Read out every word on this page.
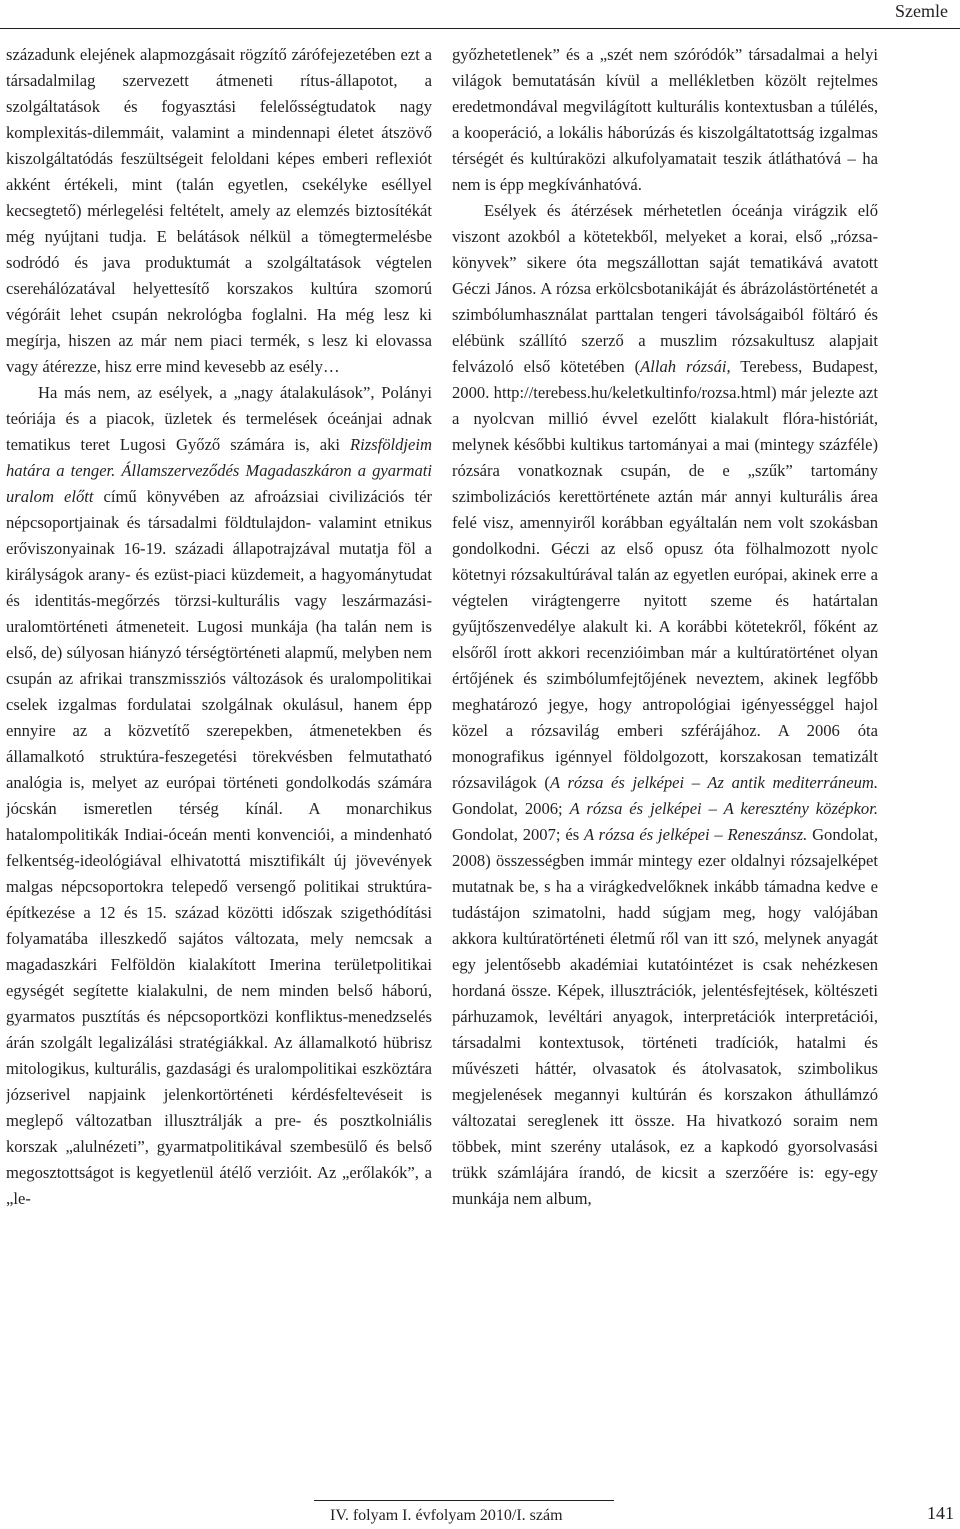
Szemle

századunk elejének alapmozgásait rögzítő zárófejezetében ezt a társadalmilag szervezett átmeneti rítus-állapotot, a szolgáltatások és fogyasztási felelősségtudatok nagy komplexitás-dilemmáit, valamint a mindennapi életet átszövő kiszolgáltatódás feszültségeit feloldani képes emberi reflexiót akként értékeli, mint (talán egyetlen, csekélyke eséllyel kecsegtető) mérlegelési feltételt, amely az elemzés biztosítékát még nyújtani tudja. E belátások nélkül a tömegtermelésbe sodródó és java produktumát a szolgáltatások végtelen cserehálózatával helyettesítő korszakos kultúra szomorú végóráit lehet csupán nekrológba foglalni. Ha még lesz ki megírja, hiszen az már nem piaci termék, s lesz ki elovassa vagy átérezze, hisz erre mind kevesebb az esély…

Ha más nem, az esélyek, a „nagy átalakulások”, Polányi teóriája és a piacok, üzletek és termelések óceánjai adnak tematikus teret Lugosi Győző számára is, aki Rizsföldjeim határa a tenger. Államszerveződés Magadaszkáron a gyarmati uralom előtt című könyvében az afroázsiai civilizációs tér népcsoportjainak és társadalmi földtulajdon- valamint etnikus erőviszonyainak 16-19. századi állapotrajzával mutatja föl a királyságok arany- és ezüst-piaci küzdemeit, a hagyománytudat és identitás-megőrzés törzsi-kulturális vagy leszármazási-uralomtörténeti átmeneteit. Lugosi munkája (ha talán nem is első, de) súlyosan hiányzó térségtörténeti alapmű, melyben nem csupán az afrikai transzmissziós változások és uralompolitikai cselek izgalmas fordulatai szolgálnak okulásul, hanem épp ennyire az a közvetítő szerepekben, átmenetekben és államalkotó struktúra-feszegetési törekvésben felmutatható analógia is, melyet az európai történeti gondolkodás számára jócskán ismeretlen térség kínál. A monarchikus hatalompolitikák Indiai-óceán menti konvenciói, a mindenható felkentség-ideológiával elhivatottá misztifikált új jövevények malgas népcsoportokra telepedő versengő politikai struktúra-építkezése a 12 és 15. század közötti időszak szigethódítási folyamatába illeszkedő sajátos változata, mely nemcsak a magadaszkári Felföldön kialakított Imerina területpolitikai egységét segítette kialakulni, de nem minden belső háború, gyarmatos pusztítás és népcsoportközi konfliktus-menedzselés árán szolgált legalizálási stratégiákkal. Az államalkotó hübrisz mitologikus, kulturális, gazdasági és uralompolitikai eszköztára józserivel napjaink jelenkortörténeti kérdésfeltevéseit is meglepő változatban illusztrálják a pre- és posztkolniális korszak „alulnézeti”, gyarmatpolitikával szembesülő és belső megosztottságot is kegyetlenül átélő verzióit. Az „erőlakók”, a „le-

győzhetetlenek” és a „szét nem szóródók” társadalmai a helyi világok bemutatásán kívül a mellékletben közölt rejtelmes eredetmondával megvilágított kulturális kontextusban a túlélés, a kooperáció, a lokális háborúzás és kiszolgáltatottság izgalmas térségét és kultúraközi alkufolyamatait teszik átláthatóvá – ha nem is épp megkívánhatóvá.

Esélyek és átérzések mérhetetlen óceánja virágzik elő viszont azokból a kötetekből, melyeket a korai, első „rózsa-könyvek” sikere óta megszállottan saját tematikává avatott Géczi János. A rózsa erkölcsbotanikáját és ábrázolástörténetét a szimbólumhasználat parttalan tengeri távolságaiból föltáró és elébünk szállító szerző a muszlim rózsakultusz alapjait felvázoló első kötetében (Allah rózsái, Terebess, Budapest, 2000. http://terebess.hu/keletkultinfo/rozsa.html) már jelezte azt a nyolcvan millió évvel ezelőtt kialakult flóra-históriát, melynek későbbi kultikus tartományai a mai (mintegy százféle) rózsára vonatkoznak csupán, de e „szűk” tartomány szimbolizációs kerettörténete aztán már annyi kulturális área felé visz, amennyiről korábban egyáltalán nem volt szokásban gondolkodni. Géczi az első opusz óta fölhalmozott nyolc kötetnyi rózsakultúrával talán az egyetlen európai, akinek erre a végtelen virágtengerre nyitott szeme és határtalan gyűjtőszenvedélye alakult ki. A korábbi kötetekről, főként az elsőről írott akkori recenzióimban már a kultúratörténet olyan értőjének és szimbólumfejtőjének neveztem, akinek legfőbb meghatározó jegye, hogy antropológiai igényességgel hajol közel a rózsavilág emberi szférájához. A 2006 óta monografikus igénnyel földolgozott, korszakosan tematizált rózsavilágok (A rózsa és jelképei – Az antik mediterráneum. Gondolat, 2006; A rózsa és jelképei – A keresztény középkor. Gondolat, 2007; és A rózsa és jelképei – Reneszánsz. Gondolat, 2008) összességben immár mintegy ezer oldalnyi rózsajelképet mutatnak be, s ha a virágkedvelőknek inkább támadna kedve e tudástájon szimatolni, hadd súgjam meg, hogy valójában akkora kultúratörténeti életmű ről van itt szó, melynek anyagát egy jelentősebb akadémiai kutatóintézet is csak nehézkesen hordaná össze. Képek, illusztrációk, jelentésfejtések, költészeti párhuzamok, levéltári anyagok, interpretációk interpretációi, társadalmi kontextusok, történeti tradíciók, hatalmi és művészeti háttér, olvasatok és átolvasatok, szimbolikus megjelenések megannyi kultúrán és korszakon áthullámzó változatai sereglenek itt össze. Ha hivatkozó soraim nem többek, mint szerény utalások, ez a kapkodó gyorsolvasási trükk számlájára írandó, de kicsit a szerzőére is: egy-egy munkája nem album,

IV. folyam I. évfolyam 2010/I. szám	141
